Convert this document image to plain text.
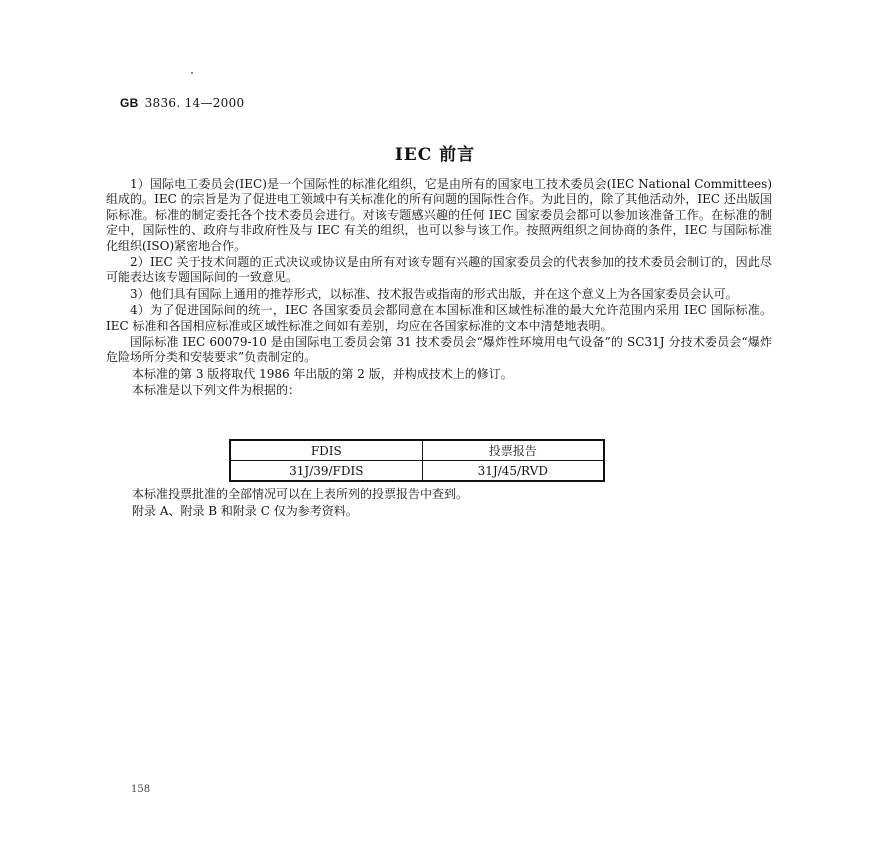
GB 3836. 14—2000
IEC 前言

1）国际电工委员会(IEC)是一个国际性的标准化组织，它是由所有的国家电工技术委员会(IEC National Committees)组成的。IEC 的宗旨是为了促进电工领域中有关标准化的所有问题的国际性合作。为此目的，除了其他活动外，IEC 还出版国际标准。标准的制定委托各个技术委员会进行。对该专题感兴趣的任何 IEC 国家委员会都可以参加该准备工作。在标准的制定中，国际性的、政府与非政府性及与 IEC 有关的组织，也可以参与该工作。按照两组织之间协商的条件，IEC 与国际标准化组织(ISO)紧密地合作。

2）IEC 关于技术问题的正式决议或协议是由所有对该专题有兴趣的国家委员会的代表参加的技术委员会制订的，因此尽可能表达该专题国际间的一致意见。

3）他们具有国际上通用的推荐形式，以标准、技术报告或指南的形式出版，并在这个意义上为各国家委员会认可。

4）为了促进国际间的统一，IEC 各国家委员会都同意在本国标准和区域性标准的最大允许范围内采用 IEC 国际标准。IEC 标准和各国相应标准或区域性标准之间如有差别，均应在各国家标准的文本中清楚地表明。

国际标准 IEC 60079-10 是由国际电工委员会第 31 技术委员会“爆炸性环境用电气设备”的 SC31J 分技术委员会“爆炸危险场所分类和安装要求”负责制定的。

本标准的第 3 版将取代 1986 年出版的第 2 版，并构成技术上的修订。

本标准是以下列文件为根据的：

FDIS	投票报告
31J/39/FDIS	31J/45/RVD

本标准投票批准的全部情况可以在上表所列的投票报告中查到。

附录 A、附录 B 和附录 C 仅为参考资料。

158
